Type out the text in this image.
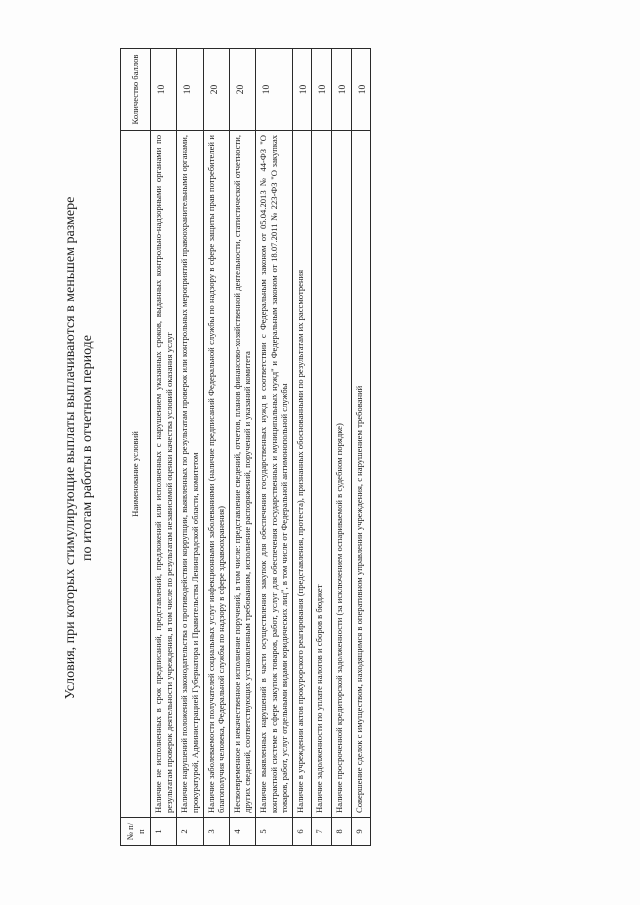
Условия, при которых стимулирующие выплаты выплачиваются в меньшем размере по итогам работы в отчетном периоде
№ п/п	Наименование условий	Количество баллов
1	Наличие не исполненных в срок предписаний, представлений, предложений или исполненных с нарушением указанных сроков, выданных контрольно-надзорными органами по результатам проверок деятельности учреждения, в том числе по результатам независимой оценки качества условий оказания услуг	10
2	Наличие нарушений положений законодательства о противодействии коррупции, выявленных по результатам проверок или контрольных мероприятий правоохранительными органами, прокуратурой, Администрацией Губернатора и Правительства Ленинградской области, комитетом	10
3	Наличие заболеваемости получателей социальных услуг инфекционными заболеваниями (наличие предписаний Федеральной службы по надзору в сфере защиты прав потребителей и благополучия человека, Федеральной службы по надзору в сфере здравоохранения)	20
4	Несвоевременное и некачественное исполнение поручений, в том числе: представление сведений, отчетов, планов финансово-хозяйственной деятельности, статистической отчетности, других сведений, соответствующих установленным требованиям, исполнение распоряжений, поручений и указаний комитета	20
5	Наличие выявленных нарушений в части осуществления закупок для обеспечения государственных нужд в соответствии с Федеральным законом от 05.04.2013 № 44-ФЗ "О контрактной системе в сфере закупок товаров, работ, услуг для обеспечения государственных и муниципальных нужд" и Федеральным законом от 18.07.2011 № 223-ФЗ "О закупках товаров, работ, услуг отдельными видами юридических лиц", в том числе от Федеральной антимонопольной службы	10
6	Наличие в учреждении актов прокурорского реагирования (представления, протеста), признанных обоснованными по результатам их рассмотрения	10
7	Наличие задолженности по уплате налогов и сборов в бюджет	10
8	Наличие просроченной кредиторской задолженности (за исключением оспариваемой в судебном порядке)	10
9	Совершение сделок с имуществом, находящимся в оперативном управлении учреждения, с нарушением требований	10
